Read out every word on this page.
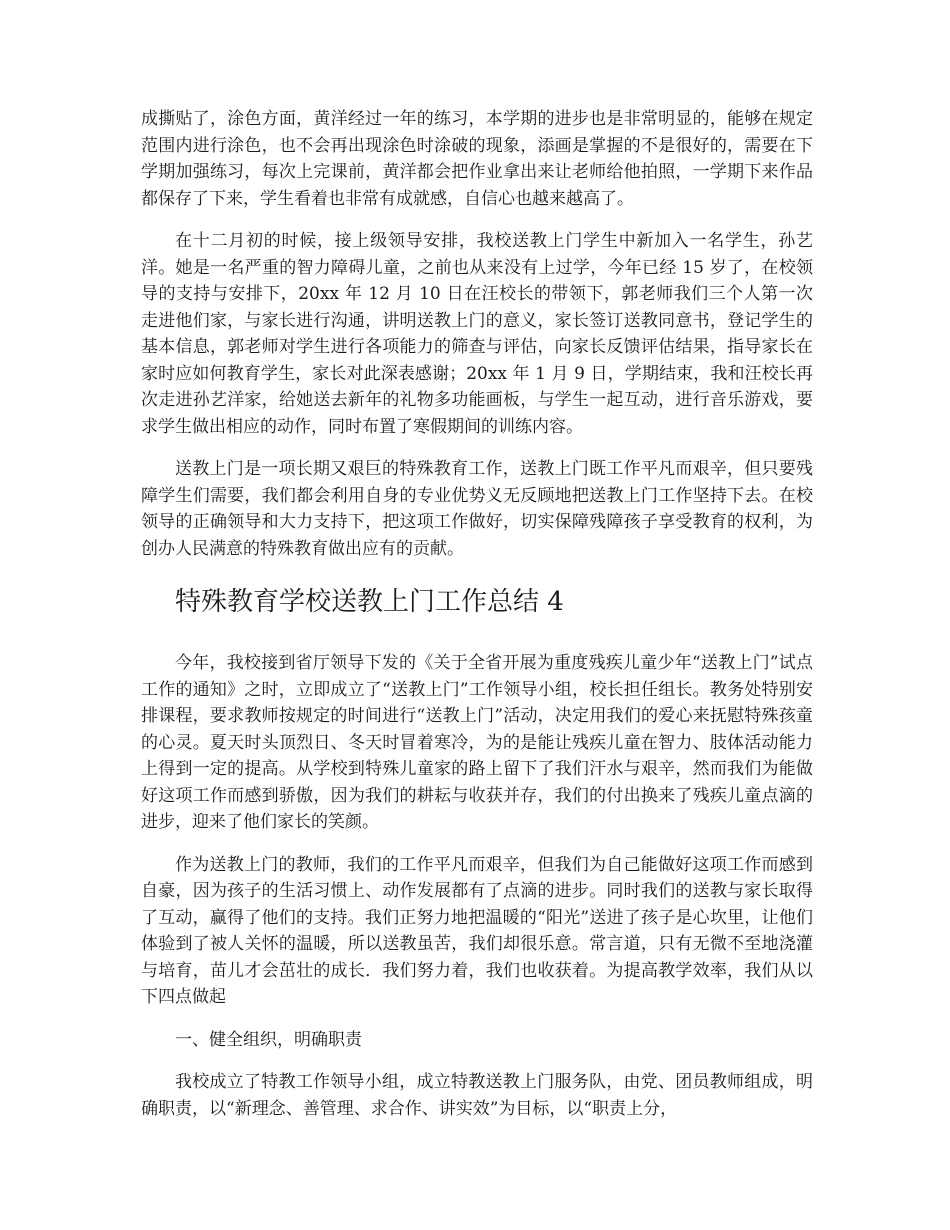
成撕贴了，涂色方面，黄洋经过一年的练习，本学期的进步也是非常明显的，能够在规定范围内进行涂色，也不会再出现涂色时涂破的现象，添画是掌握的不是很好的，需要在下学期加强练习，每次上完课前，黄洋都会把作业拿出来让老师给他拍照，一学期下来作品都保存了下来，学生看着也非常有成就感，自信心也越来越高了。

在十二月初的时候，接上级领导安排，我校送教上门学生中新加入一名学生，孙艺洋。她是一名严重的智力障碍儿童，之前也从来没有上过学，今年已经 15 岁了，在校领导的支持与安排下，20xx 年 12 月 10 日在汪校长的带领下，郭老师我们三个人第一次走进他们家，与家长进行沟通，讲明送教上门的意义，家长签订送教同意书，登记学生的基本信息，郭老师对学生进行各项能力的筛查与评估，向家长反馈评估结果，指导家长在家时应如何教育学生，家长对此深表感谢；20xx 年 1 月 9 日，学期结束，我和汪校长再次走进孙艺洋家，给她送去新年的礼物多功能画板，与学生一起互动，进行音乐游戏，要求学生做出相应的动作，同时布置了寒假期间的训练内容。

送教上门是一项长期又艰巨的特殊教育工作，送教上门既工作平凡而艰辛，但只要残障学生们需要，我们都会利用自身的专业优势义无反顾地把送教上门工作坚持下去。在校领导的正确领导和大力支持下，把这项工作做好，切实保障残障孩子享受教育的权利，为创办人民满意的特殊教育做出应有的贡献。

特殊教育学校送教上门工作总结 4

今年，我校接到省厅领导下发的《关于全省开展为重度残疾儿童少年“送教上门”试点工作的通知》之时，立即成立了“送教上门”工作领导小组，校长担任组长。教务处特别安排课程，要求教师按规定的时间进行“送教上门”活动，决定用我们的爱心来抚慰特殊孩童的心灵。夏天时头顶烈日、冬天时冒着寒冷，为的是能让残疾儿童在智力、肢体活动能力上得到一定的提高。从学校到特殊儿童家的路上留下了我们汗水与艰辛，然而我们为能做好这项工作而感到骄傲，因为我们的耕耘与收获并存，我们的付出换来了残疾儿童点滴的进步，迎来了他们家长的笑颜。

作为送教上门的教师，我们的工作平凡而艰辛，但我们为自己能做好这项工作而感到自豪，因为孩子的生活习惯上、动作发展都有了点滴的进步。同时我们的送教与家长取得了互动，赢得了他们的支持。我们正努力地把温暖的“阳光”送进了孩子是心坎里，让他们体验到了被人关怀的温暖，所以送教虽苦，我们却很乐意。常言道，只有无微不至地浇灌与培育，苗儿才会茁壮的成长．我们努力着，我们也收获着。为提高教学效率，我们从以下四点做起

一、健全组织，明确职责

我校成立了特教工作领导小组，成立特教送教上门服务队，由党、团员教师组成，明确职责，以“新理念、善管理、求合作、讲实效”为目标，以“职责上分，
